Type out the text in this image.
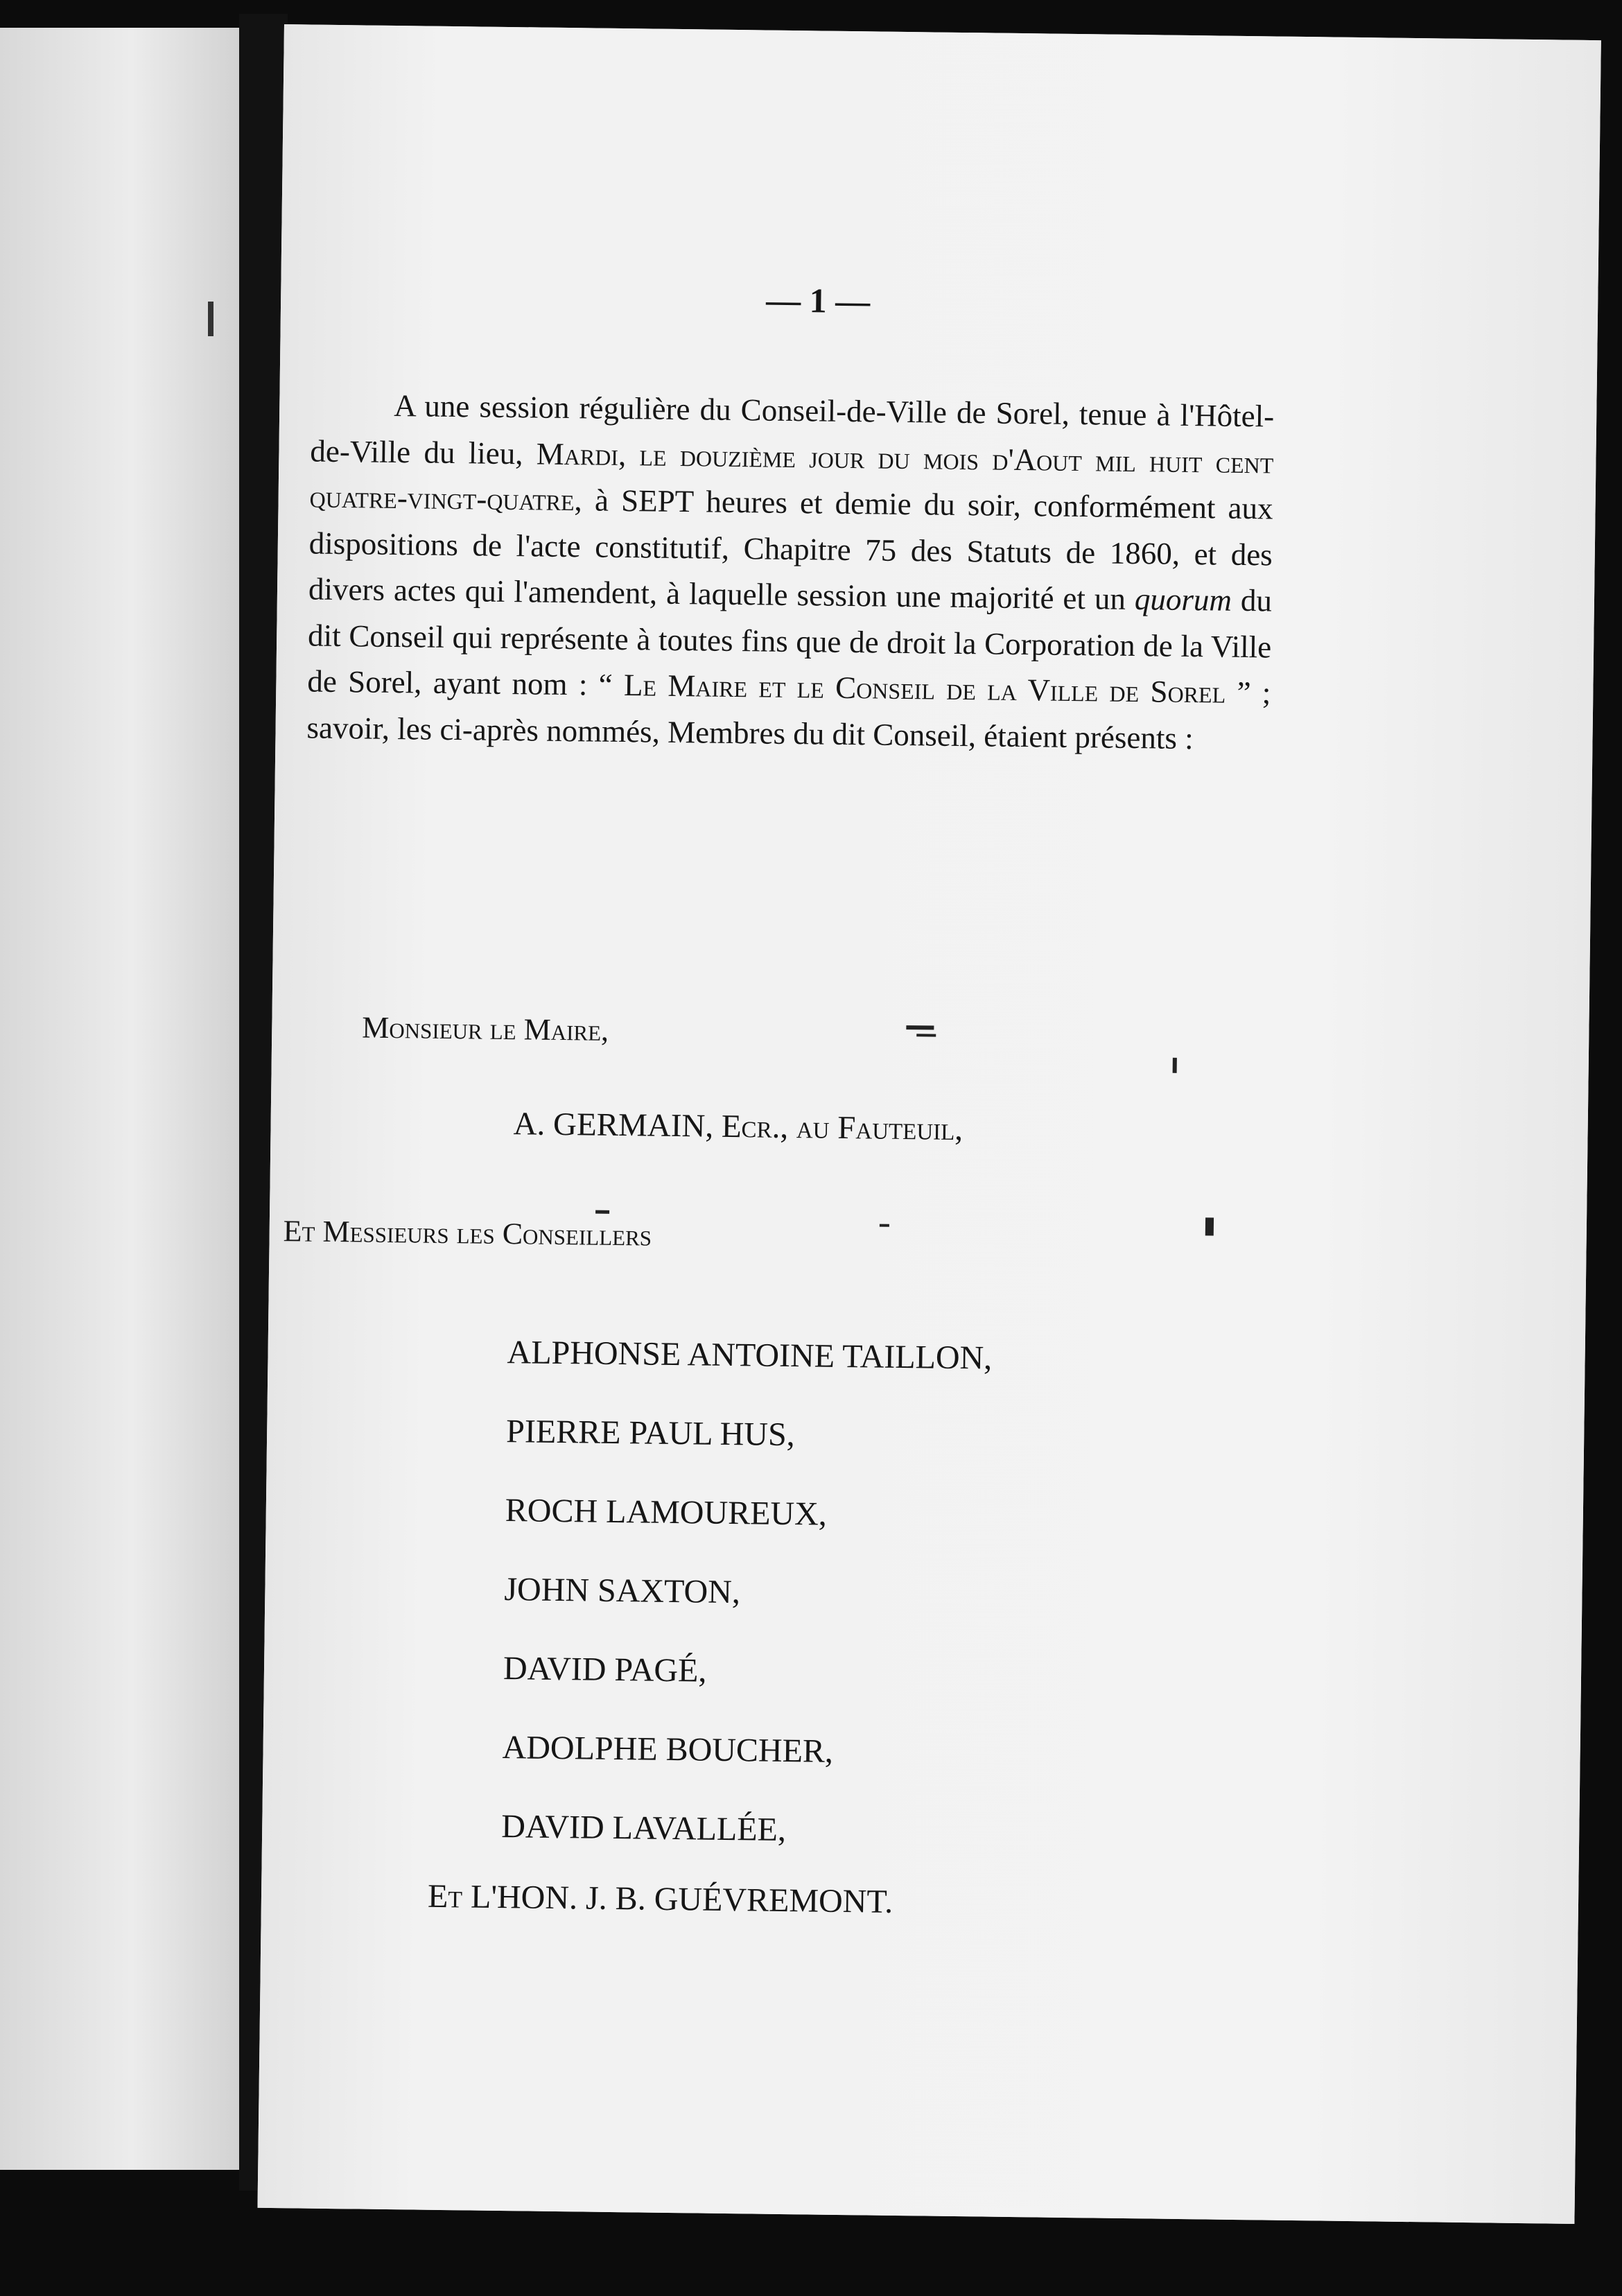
— 1 —

A une session régulière du Conseil-de-Ville de Sorel, tenue à l'Hôtel-de-Ville du lieu, Mardi, le douzième jour du mois d'Aout mil huit cent quatre-vingt-quatre, à SEPT heures et demie du soir, conformément aux dispositions de l'acte constitutif, Chapitre 75 des Statuts de 1860, et des divers actes qui l'amendent, à laquelle session une majorité et un quorum du dit Conseil qui représente à toutes fins que de droit la Corporation de la Ville de Sorel, ayant nom : “ Le Maire et le Conseil de la Ville de Sorel ” ; savoir, les ci-après nommés, Membres du dit Conseil, étaient présents :

Monsieur le Maire,
A. GERMAIN, Ecr., au Fauteuil,
Et Messieurs les Conseillers
ALPHONSE ANTOINE TAILLON,
PIERRE PAUL HUS,
ROCH LAMOUREUX,
JOHN SAXTON,
DAVID PAGÉ,
ADOLPHE BOUCHER,
DAVID LAVALLÉE,
Et L'HON. J. B. GUÉVREMONT.
